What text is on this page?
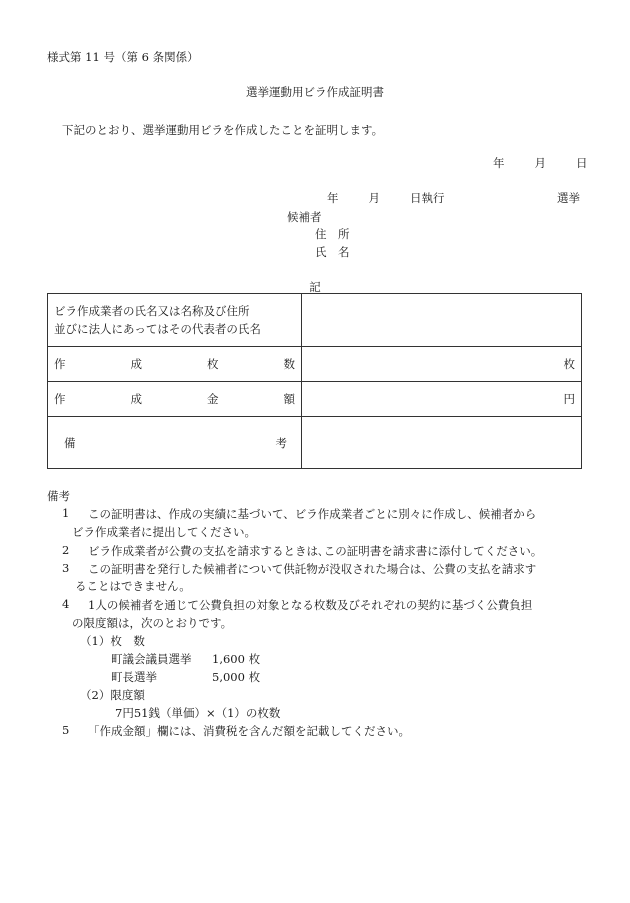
様式第 11 号（第 6 条関係）
選挙運動用ビラ作成証明書
下記のとおり、選挙運動用ビラを作成したことを証明します。
年	月	日
年	月	日執行	選挙
候補者
住　所
氏　名
記
ビラ作成業者の氏名又は名称及び住所
並びに法人にあってはその代表者の氏名	

作 成 枚 数	枚

作 成 金 額	円

備 考	

備考
1 この証明書は、作成の実績に基づいて、ビラ作成業者ごとに別々に作成し、候補者から
ビラ作成業者に提出してください。
2 ビラ作成業者が公費の支払を請求するときは､この証明書を請求書に添付してください。
3 この証明書を発行した候補者について供託物が没収された場合は、公費の支払を請求す
ることはできません。
4 1人の候補者を通じて公費負担の対象となる枚数及びそれぞれの契約に基づく公費負担
の限度額は，次のとおりです。
（1）枚　数
町議会議員選挙 1,600 枚
町長選挙	5,000 枚
（2）限度額
7円51銭（単価）×（1）の枚数
5 「作成金額」欄には、消費税を含んだ額を記載してください。
